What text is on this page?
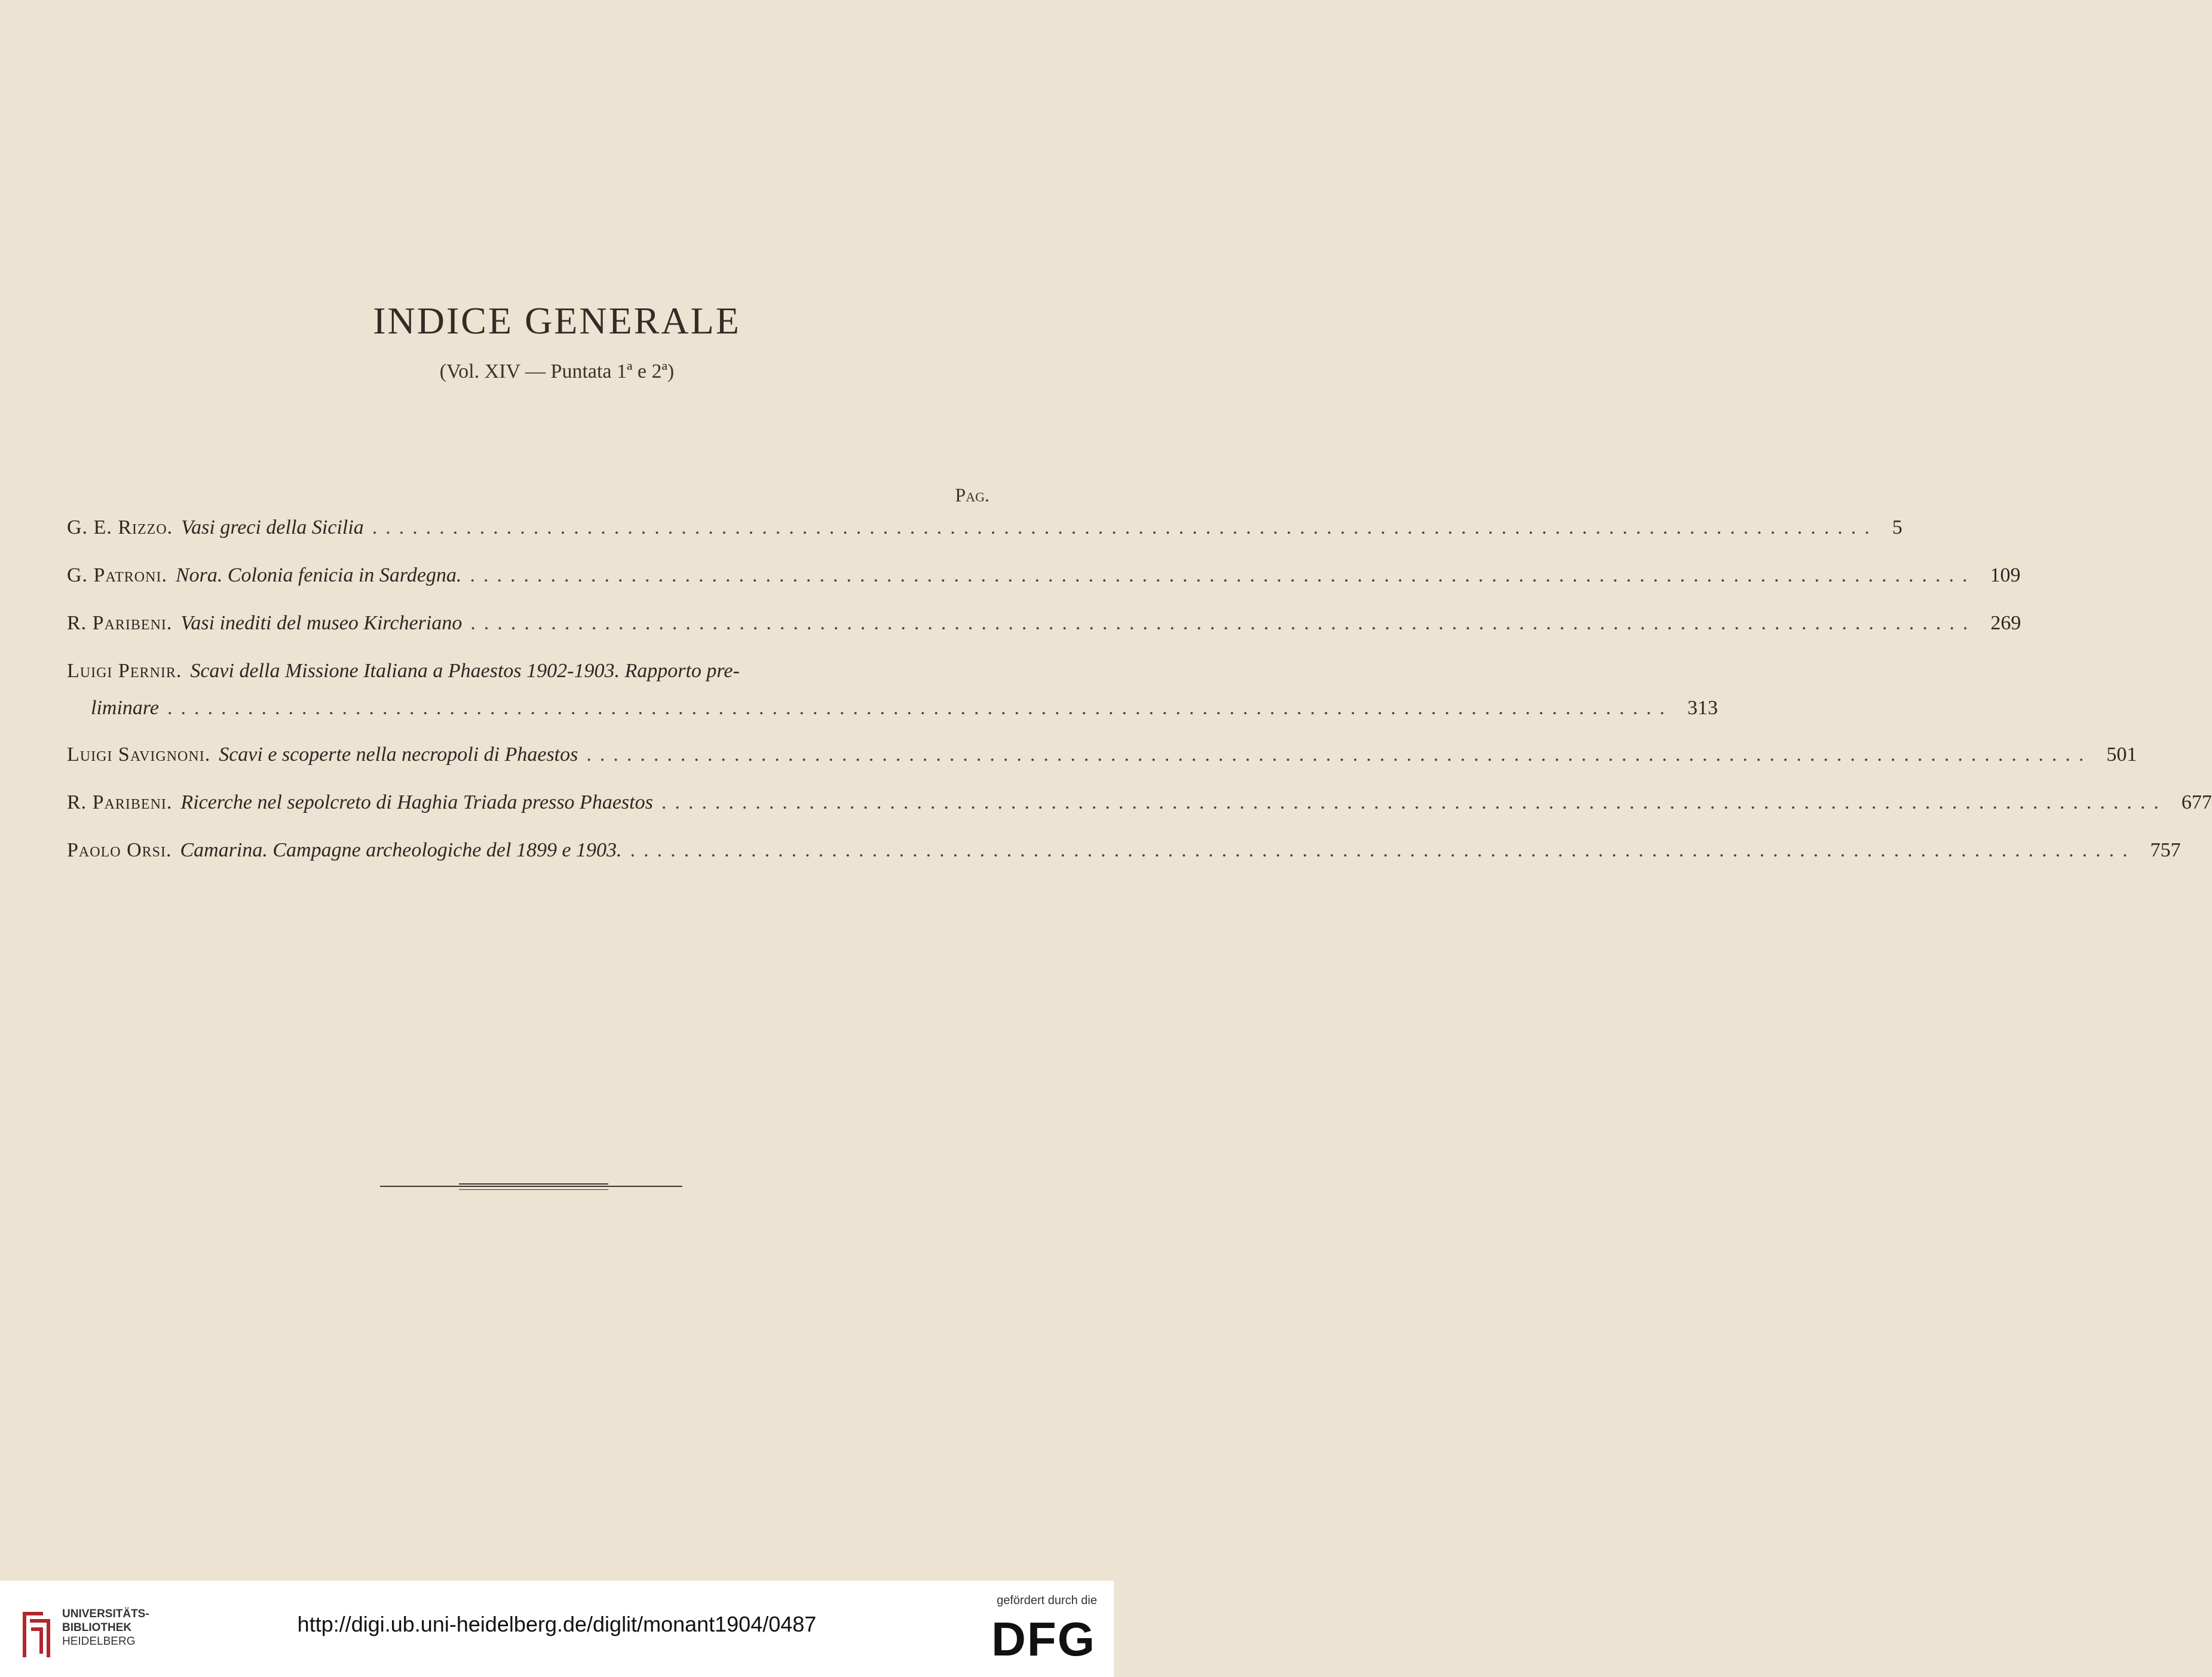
INDICE GENERALE
(Vol. XIV — Puntata 1ª e 2ª)
Pag.
G. E. Rizzo. Vasi greci della Sicilia ................................................................................................................ 5
G. Patroni. Nora. Colonia fenicia in Sardegna. ................................................................................................................ 109
R. Paribeni. Vasi inediti del museo Kircheriano ................................................................................................................ 269
Luigi Pernir. Scavi della Missione Italiana a Phaestos 1902-1903. Rapporto pre-
liminare ................................................................................................................ 313
Luigi Savignoni. Scavi e scoperte nella necropoli di Phaestos ................................................................................................................ 501
R. Paribeni. Ricerche nel sepolcreto di Haghia Triada presso Phaestos ................................................................................................................ 677
Paolo Orsi. Camarina. Campagne archeologiche del 1899 e 1903. ................................................................................................................ 757
UNIVERSITÄTS-
BIBLIOTHEK
HEIDELBERG
http://digi.ub.uni-heidelberg.de/diglit/monant1904/0487
gefördert durch die
DFG
